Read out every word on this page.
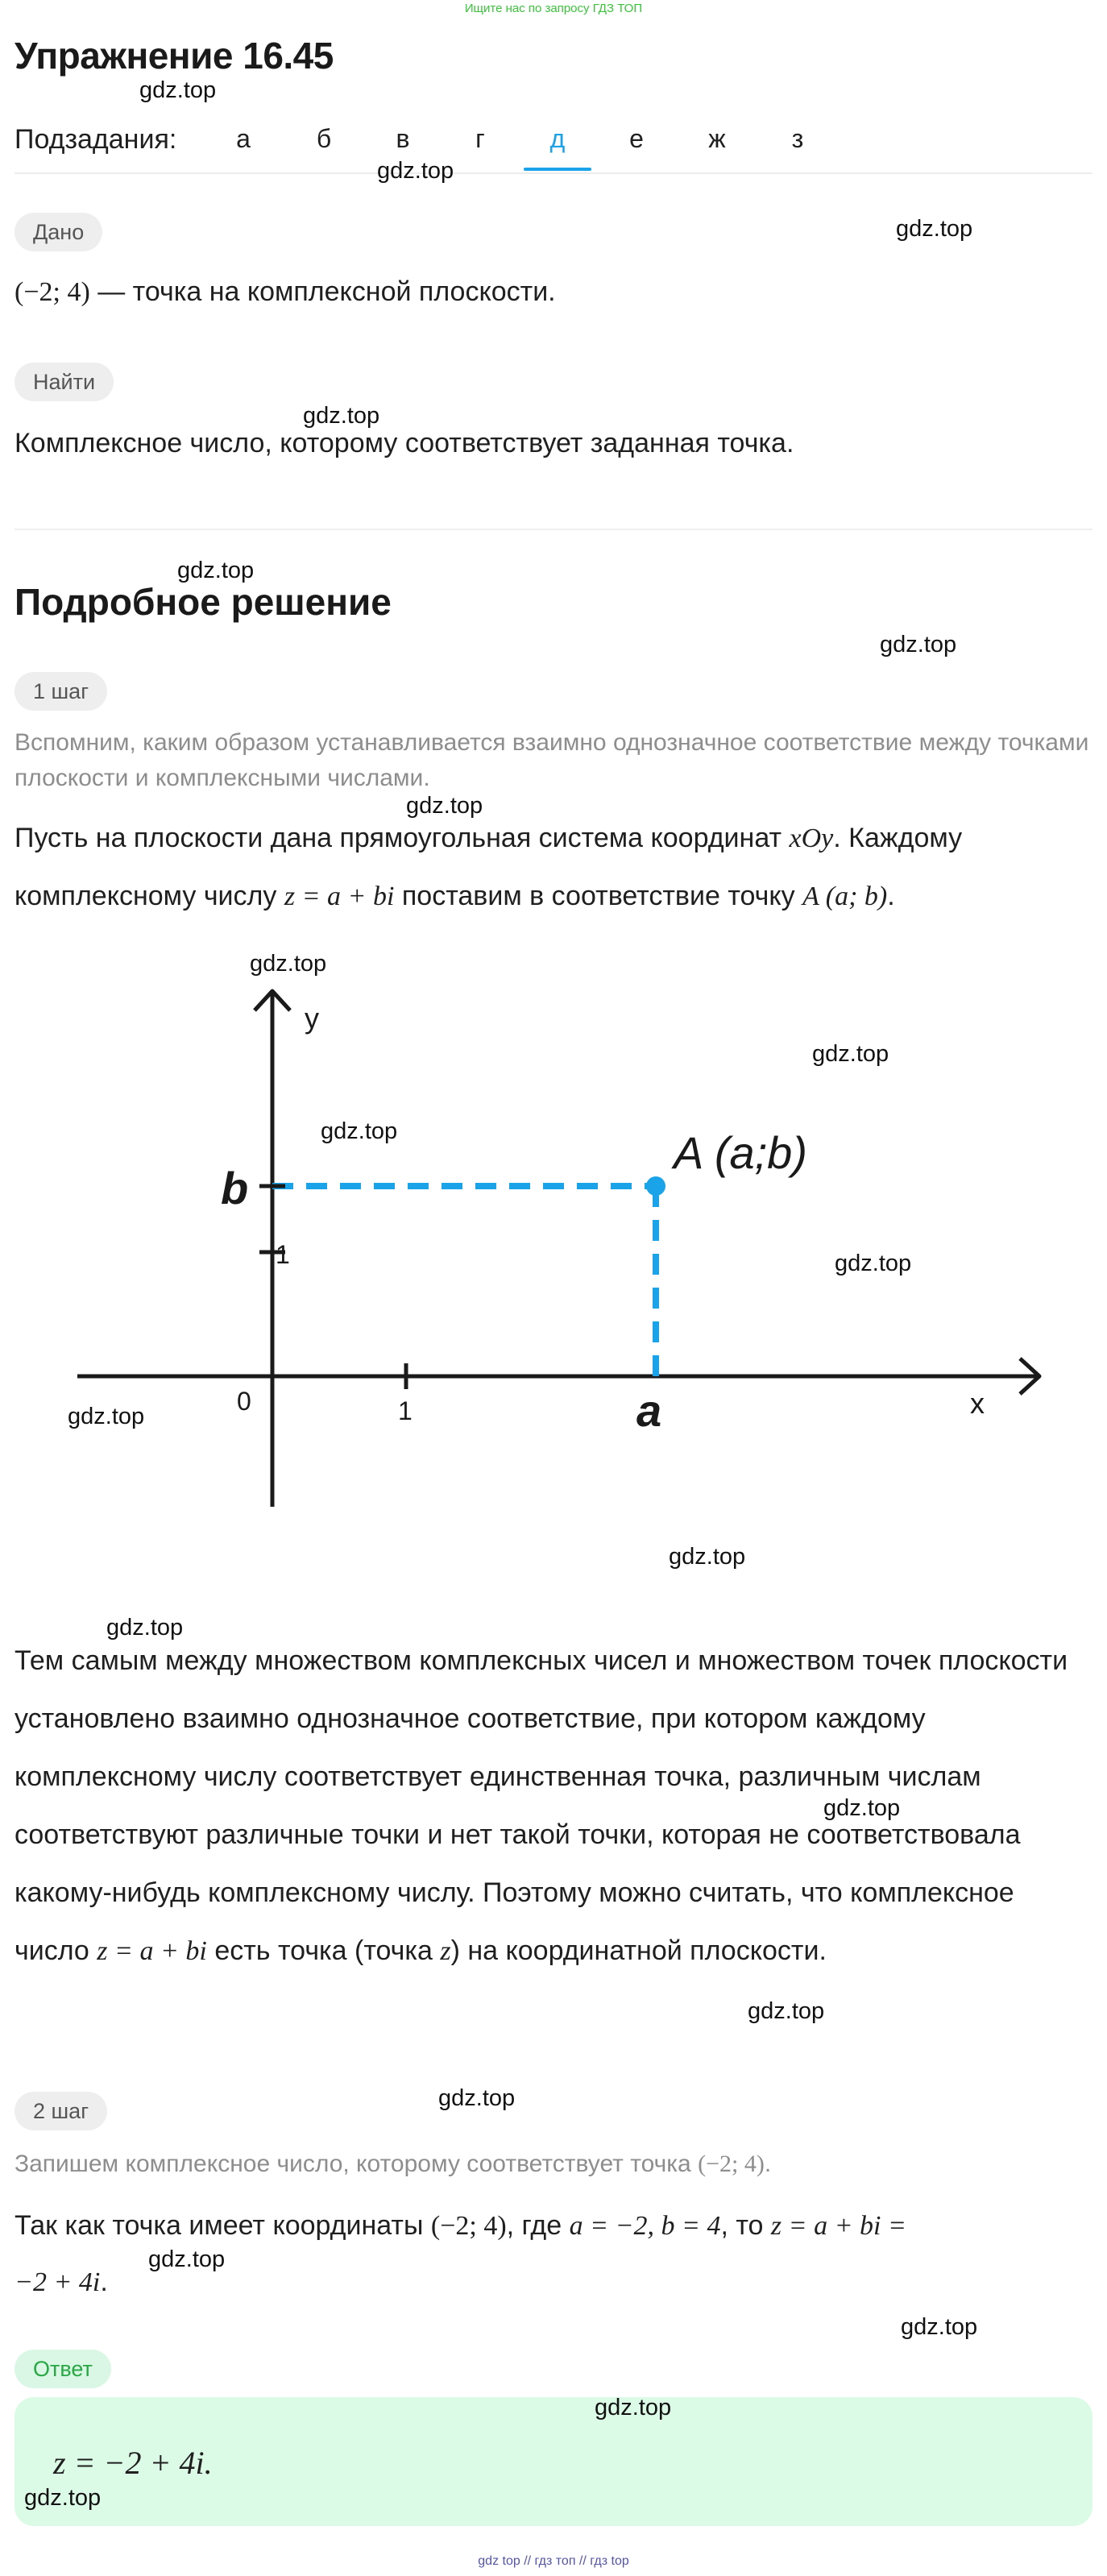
Ищите нас по запросу ГДЗ ТОП
Упражнение 16.45
Подзадания:	а	б	в	г	д	е	ж	з
Дано
(−2; 4) — точка на комплексной плоскости.
Найти
Комплексное число, которому соответствует заданная точка.
Подробное решение
1 шаг
Вспомним, каким образом устанавливается взаимно однозначное соответствие между точками плоскости и комплексными числами.
Пусть на плоскости дана прямоугольная система координат xOy. Каждому
комплексному числу z = a + bi поставим в соответствие точку A (a; b).
y
x
b
a
1
1
0
A (a;b)
Тем самым между множеством комплексных чисел и множеством точек плоскости установлено взаимно однозначное соответствие, при котором каждому комплексному числу соответствует единственная точка, различным числам соответствуют различные точки и нет такой точки, которая не соответствовала какому-нибудь комплексному числу. Поэтому можно считать, что комплексное число z = a + bi есть точка (точка z) на координатной плоскости.
2 шаг
Запишем комплексное число, которому соответствует точка (−2; 4).
Так как точка имеет координаты (−2; 4), где a = −2, b = 4, то z = a + bi =
−2 + 4i.
Ответ
z = −2 + 4i.
gdz.top
gdz.top
gdz.top
gdz.top
gdz.top
gdz.top
gdz.top
gdz.top
gdz.top
gdz.top
gdz.top
gdz.top
gdz.top
gdz.top
gdz.top
gdz.top
gdz.top
gdz.top
gdz.top
gdz.top
gdz.top
gdz top // гдз топ // гдз top
